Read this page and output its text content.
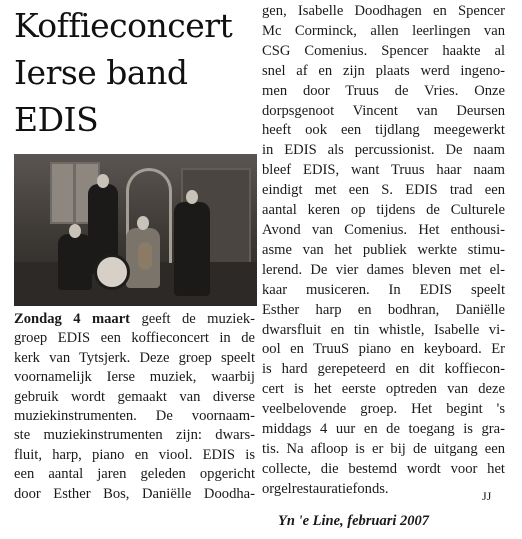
Koffieconcert
Ierse band
EDIS

Zondag 4 maart geeft de muziek-
groep EDIS een koffieconcert in de
kerk van Tytsjerk. Deze groep speelt
voornamelijk Ierse muziek, waarbij
gebruik wordt gemaakt van diverse
muziekinstrumenten. De voornaam-
ste muziekinstrumenten zijn: dwars-
fluit, harp, piano en viool. EDIS is
een aantal jaren geleden opgericht
door Esther Bos, Daniëlle Doodha-

gen, Isabelle Doodhagen en Spencer
Mc Corminck, allen leerlingen van
CSG Comenius. Spencer haakte al
snel af en zijn plaats werd ingeno-
men door Truus de Vries. Onze
dorpsgenoot Vincent van Deursen
heeft ook een tijdlang meegewerkt
in EDIS als percussionist. De naam
bleef EDIS, want Truus haar naam
eindigt met een S. EDIS trad een
aantal keren op tijdens de Culturele
Avond van Comenius. Het enthousi-
asme van het publiek werkte stimu-
lerend. De vier dames bleven met el-
kaar musiceren. In EDIS speelt
Esther harp en bodhran, Daniëlle
dwarsfluit en tin whistle, Isabelle vi-
ool en TruuS piano en keyboard. Er
is hard gerepeteerd en dit koffiecon-
cert is het eerste optreden van deze
veelbelovende groep. Het begint 's
middags 4 uur en de toegang is gra-
tis. Na afloop is er bij de uitgang een
collecte, die bestemd wordt voor het
orgelrestauratiefonds.	JJ

Yn 'e Line, februari 2007
